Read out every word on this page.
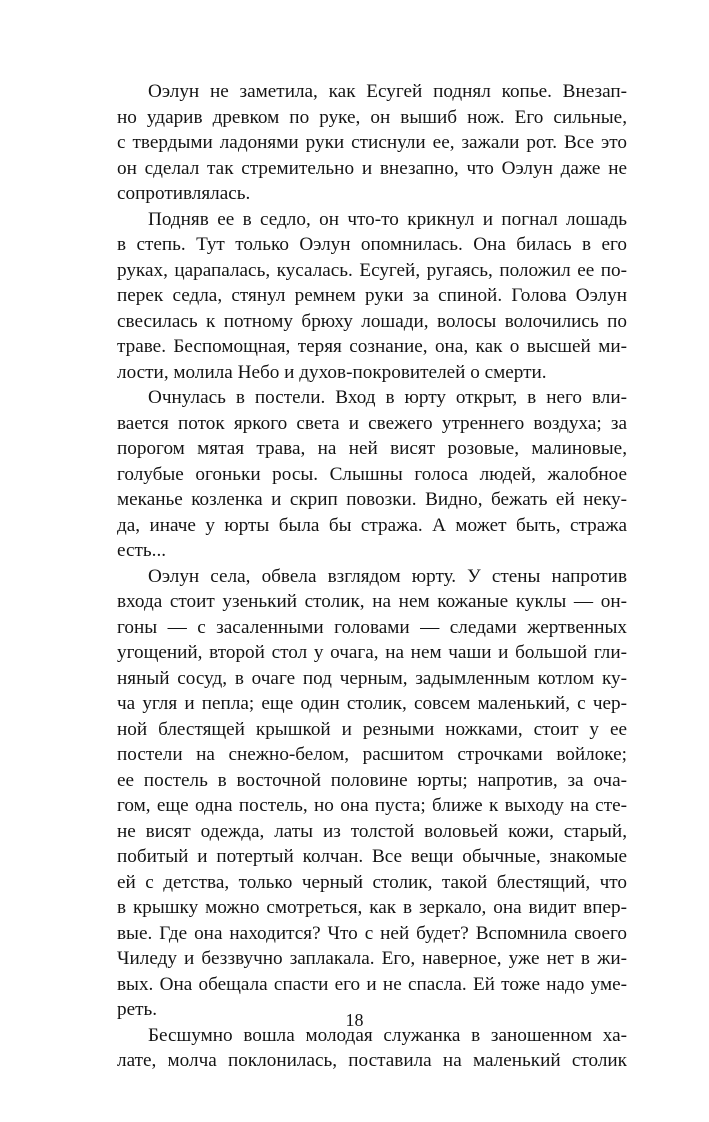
Оэлун не заметила, как Есугей поднял копье. Внезап-
но ударив древком по руке, он вышиб нож. Его сильные,
с твердыми ладонями руки стиснули ее, зажали рот. Все это
он сделал так стремительно и внезапно, что Оэлун даже не
сопротивлялась.
Подняв ее в седло, он что-то крикнул и погнал лошадь
в степь. Тут только Оэлун опомнилась. Она билась в его
руках, царапалась, кусалась. Есугей, ругаясь, положил ее по-
перек седла, стянул ремнем руки за спиной. Голова Оэлун
свесилась к потному брюху лошади, волосы волочились по
траве. Беспомощная, теряя сознание, она, как о высшей ми-
лости, молила Небо и духов-покровителей о смерти.
Очнулась в постели. Вход в юрту открыт, в него вли-
вается поток яркого света и свежего утреннего воздуха; за
порогом мятая трава, на ней висят розовые, малиновые,
голубые огоньки росы. Слышны голоса людей, жалобное
меканье козленка и скрип повозки. Видно, бежать ей неку-
да, иначе у юрты была бы стража. А может быть, стража
есть...
Оэлун села, обвела взглядом юрту. У стены напротив
входа стоит узенький столик, на нем кожаные куклы — он-
гоны — с засаленными головами — следами жертвенных
угощений, второй стол у очага, на нем чаши и большой гли-
няный сосуд, в очаге под черным, задымленным котлом ку-
ча угля и пепла; еще один столик, совсем маленький, с чер-
ной блестящей крышкой и резными ножками, стоит у ее
постели на снежно-белом, расшитом строчками войлоке;
ее постель в восточной половине юрты; напротив, за оча-
гом, еще одна постель, но она пуста; ближе к выходу на сте-
не висят одежда, латы из толстой воловьей кожи, старый,
побитый и потертый колчан. Все вещи обычные, знакомые
ей с детства, только черный столик, такой блестящий, что
в крышку можно смотреться, как в зеркало, она видит впер-
вые. Где она находится? Что с ней будет? Вспомнила своего
Чиледу и беззвучно заплакала. Его, наверное, уже нет в жи-
вых. Она обещала спасти его и не спасла. Ей тоже надо уме-
реть.
Бесшумно вошла молодая служанка в заношенном ха-
лате, молча поклонилась, поставила на маленький столик
18
